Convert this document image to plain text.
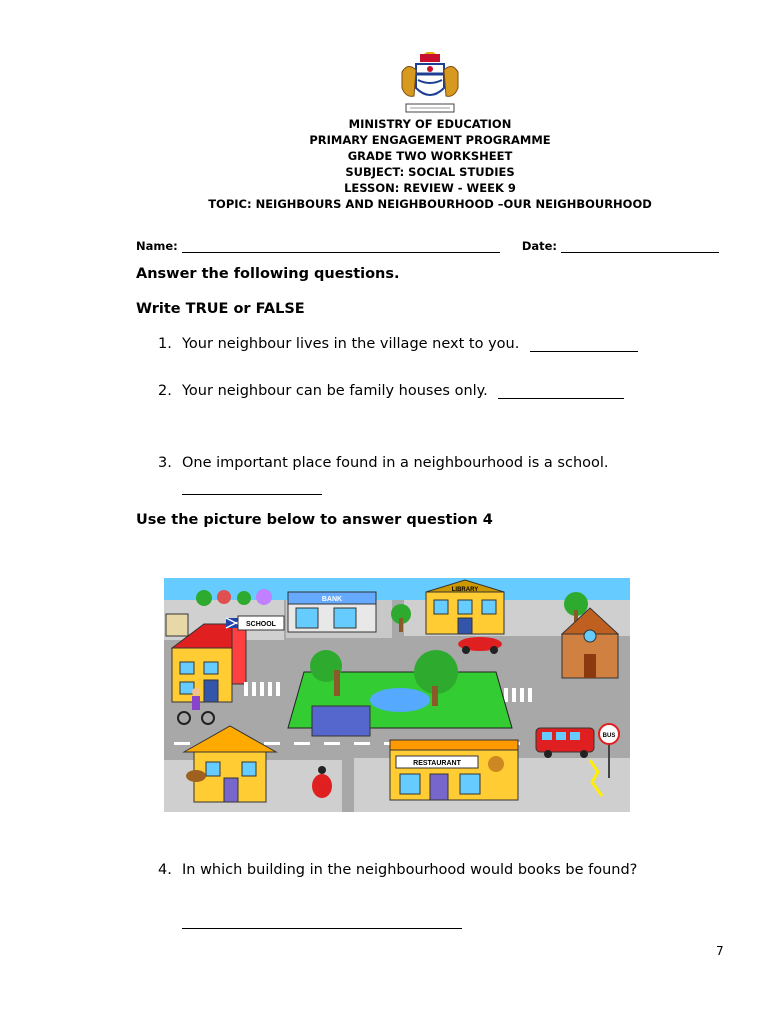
MINISTRY OF EDUCATION
PRIMARY ENGAGEMENT PROGRAMME
GRADE TWO WORKSHEET
SUBJECT: SOCIAL STUDIES
LESSON: REVIEW - WEEK 9
TOPIC: NEIGHBOURS AND NEIGHBOURHOOD –OUR NEIGHBOURHOOD
Name:	Date:
Answer the following questions.
Write TRUE or FALSE
1. Your neighbour lives in the village next to you.
2. Your neighbour can be family houses only.
3. One important place found in a neighbourhood is a school.
Use the picture below to answer question 4
SCHOOL
BANK
LIBRARY
RESTAURANT
BUS
4. In which building in the neighbourhood would books be found?
7
